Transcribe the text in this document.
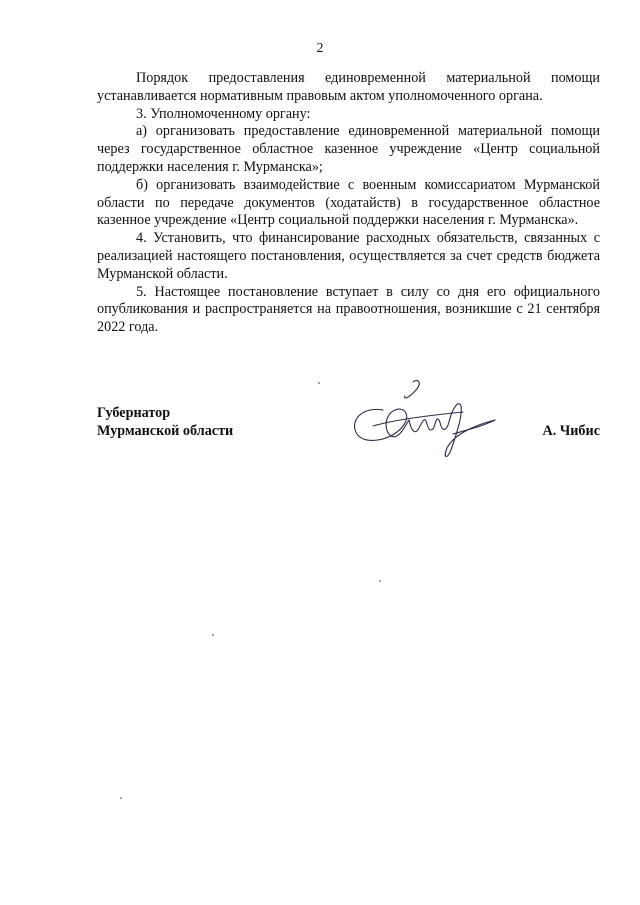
2

Порядок предоставления единовременной материальной помощи устанавливается нормативным правовым актом уполномоченного органа.

3. Уполномоченному органу:

а) организовать предоставление единовременной материальной помощи через государственное областное казенное учреждение «Центр социальной поддержки населения г. Мурманска»;

б) организовать взаимодействие с военным комиссариатом Мурманской области по передаче документов (ходатайств) в государственное областное казенное учреждение «Центр социальной поддержки населения г. Мурманска».

4. Установить, что финансирование расходных обязательств, связанных с реализацией настоящего постановления, осуществляется за счет средств бюджета Мурманской области.

5. Настоящее постановление вступает в силу со дня его официального опубликования и распространяется на правоотношения, возникшие с 21 сентября 2022 года.

Губернатор
Мурманской области	А. Чибис
